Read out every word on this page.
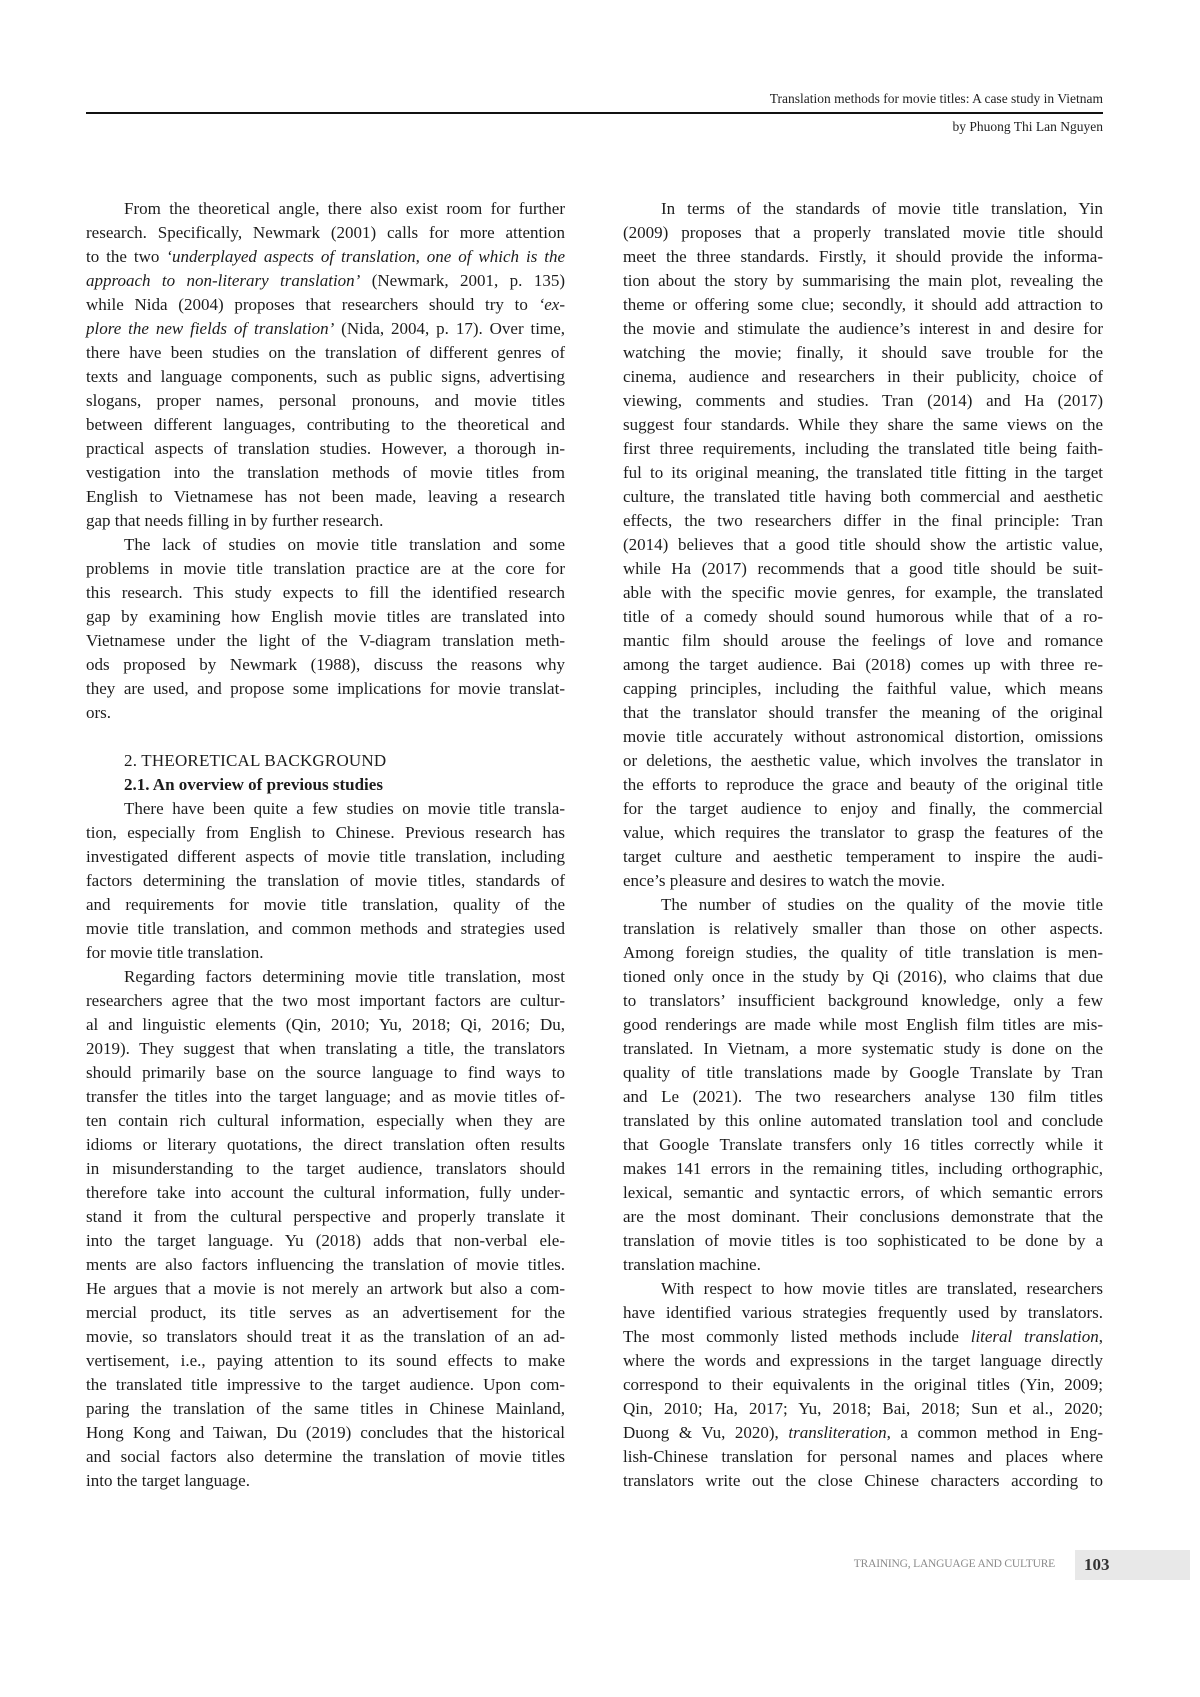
Translation methods for movie titles: A case study in Vietnam
by Phuong Thi Lan Nguyen
From the theoretical angle, there also exist room for further
research. Specifically, Newmark (2001) calls for more attention
to the two ‘underplayed aspects of translation, one of which is the
approach to non-literary translation’ (Newmark, 2001, p. 135)
while Nida (2004) proposes that researchers should try to ‘ex-
plore the new fields of translation’ (Nida, 2004, p. 17). Over time,
there have been studies on the translation of different genres of
texts and language components, such as public signs, advertising
slogans, proper names, personal pronouns, and movie titles
between different languages, contributing to the theoretical and
practical aspects of translation studies. However, a thorough in-
vestigation into the translation methods of movie titles from
English to Vietnamese has not been made, leaving a research
gap that needs filling in by further research.
The lack of studies on movie title translation and some
problems in movie title translation practice are at the core for
this research. This study expects to fill the identified research
gap by examining how English movie titles are translated into
Vietnamese under the light of the V-diagram translation meth-
ods proposed by Newmark (1988), discuss the reasons why
they are used, and propose some implications for movie translat-
ors.
2. THEORETICAL BACKGROUND
2.1. An overview of previous studies
There have been quite a few studies on movie title transla-
tion, especially from English to Chinese. Previous research has
investigated different aspects of movie title translation, including
factors determining the translation of movie titles, standards of
and requirements for movie title translation, quality of the
movie title translation, and common methods and strategies used
for movie title translation.
Regarding factors determining movie title translation, most
researchers agree that the two most important factors are cultur-
al and linguistic elements (Qin, 2010; Yu, 2018; Qi, 2016; Du,
2019). They suggest that when translating a title, the translators
should primarily base on the source language to find ways to
transfer the titles into the target language; and as movie titles of-
ten contain rich cultural information, especially when they are
idioms or literary quotations, the direct translation often results
in misunderstanding to the target audience, translators should
therefore take into account the cultural information, fully under-
stand it from the cultural perspective and properly translate it
into the target language. Yu (2018) adds that non-verbal ele-
ments are also factors influencing the translation of movie titles.
He argues that a movie is not merely an artwork but also a com-
mercial product, its title serves as an advertisement for the
movie, so translators should treat it as the translation of an ad-
vertisement, i.e., paying attention to its sound effects to make
the translated title impressive to the target audience. Upon com-
paring the translation of the same titles in Chinese Mainland,
Hong Kong and Taiwan, Du (2019) concludes that the historical
and social factors also determine the translation of movie titles
into the target language.
In terms of the standards of movie title translation, Yin
(2009) proposes that a properly translated movie title should
meet the three standards. Firstly, it should provide the informa-
tion about the story by summarising the main plot, revealing the
theme or offering some clue; secondly, it should add attraction to
the movie and stimulate the audience’s interest in and desire for
watching the movie; finally, it should save trouble for the
cinema, audience and researchers in their publicity, choice of
viewing, comments and studies. Tran (2014) and Ha (2017)
suggest four standards. While they share the same views on the
first three requirements, including the translated title being faith-
ful to its original meaning, the translated title fitting in the target
culture, the translated title having both commercial and aesthetic
effects, the two researchers differ in the final principle: Tran
(2014) believes that a good title should show the artistic value,
while Ha (2017) recommends that a good title should be suit-
able with the specific movie genres, for example, the translated
title of a comedy should sound humorous while that of a ro-
mantic film should arouse the feelings of love and romance
among the target audience. Bai (2018) comes up with three re-
capping principles, including the faithful value, which means
that the translator should transfer the meaning of the original
movie title accurately without astronomical distortion, omissions
or deletions, the aesthetic value, which involves the translator in
the efforts to reproduce the grace and beauty of the original title
for the target audience to enjoy and finally, the commercial
value, which requires the translator to grasp the features of the
target culture and aesthetic temperament to inspire the audi-
ence’s pleasure and desires to watch the movie.
The number of studies on the quality of the movie title
translation is relatively smaller than those on other aspects.
Among foreign studies, the quality of title translation is men-
tioned only once in the study by Qi (2016), who claims that due
to translators’ insufficient background knowledge, only a few
good renderings are made while most English film titles are mis-
translated. In Vietnam, a more systematic study is done on the
quality of title translations made by Google Translate by Tran
and Le (2021). The two researchers analyse 130 film titles
translated by this online automated translation tool and conclude
that Google Translate transfers only 16 titles correctly while it
makes 141 errors in the remaining titles, including orthographic,
lexical, semantic and syntactic errors, of which semantic errors
are the most dominant. Their conclusions demonstrate that the
translation of movie titles is too sophisticated to be done by a
translation machine.
With respect to how movie titles are translated, researchers
have identified various strategies frequently used by translators.
The most commonly listed methods include literal translation,
where the words and expressions in the target language directly
correspond to their equivalents in the original titles (Yin, 2009;
Qin, 2010; Ha, 2017; Yu, 2018; Bai, 2018; Sun et al., 2020;
Duong & Vu, 2020), transliteration, a common method in Eng-
lish-Chinese translation for personal names and places where
translators write out the close Chinese characters according to
TRAINING, LANGUAGE AND CULTURE 103
